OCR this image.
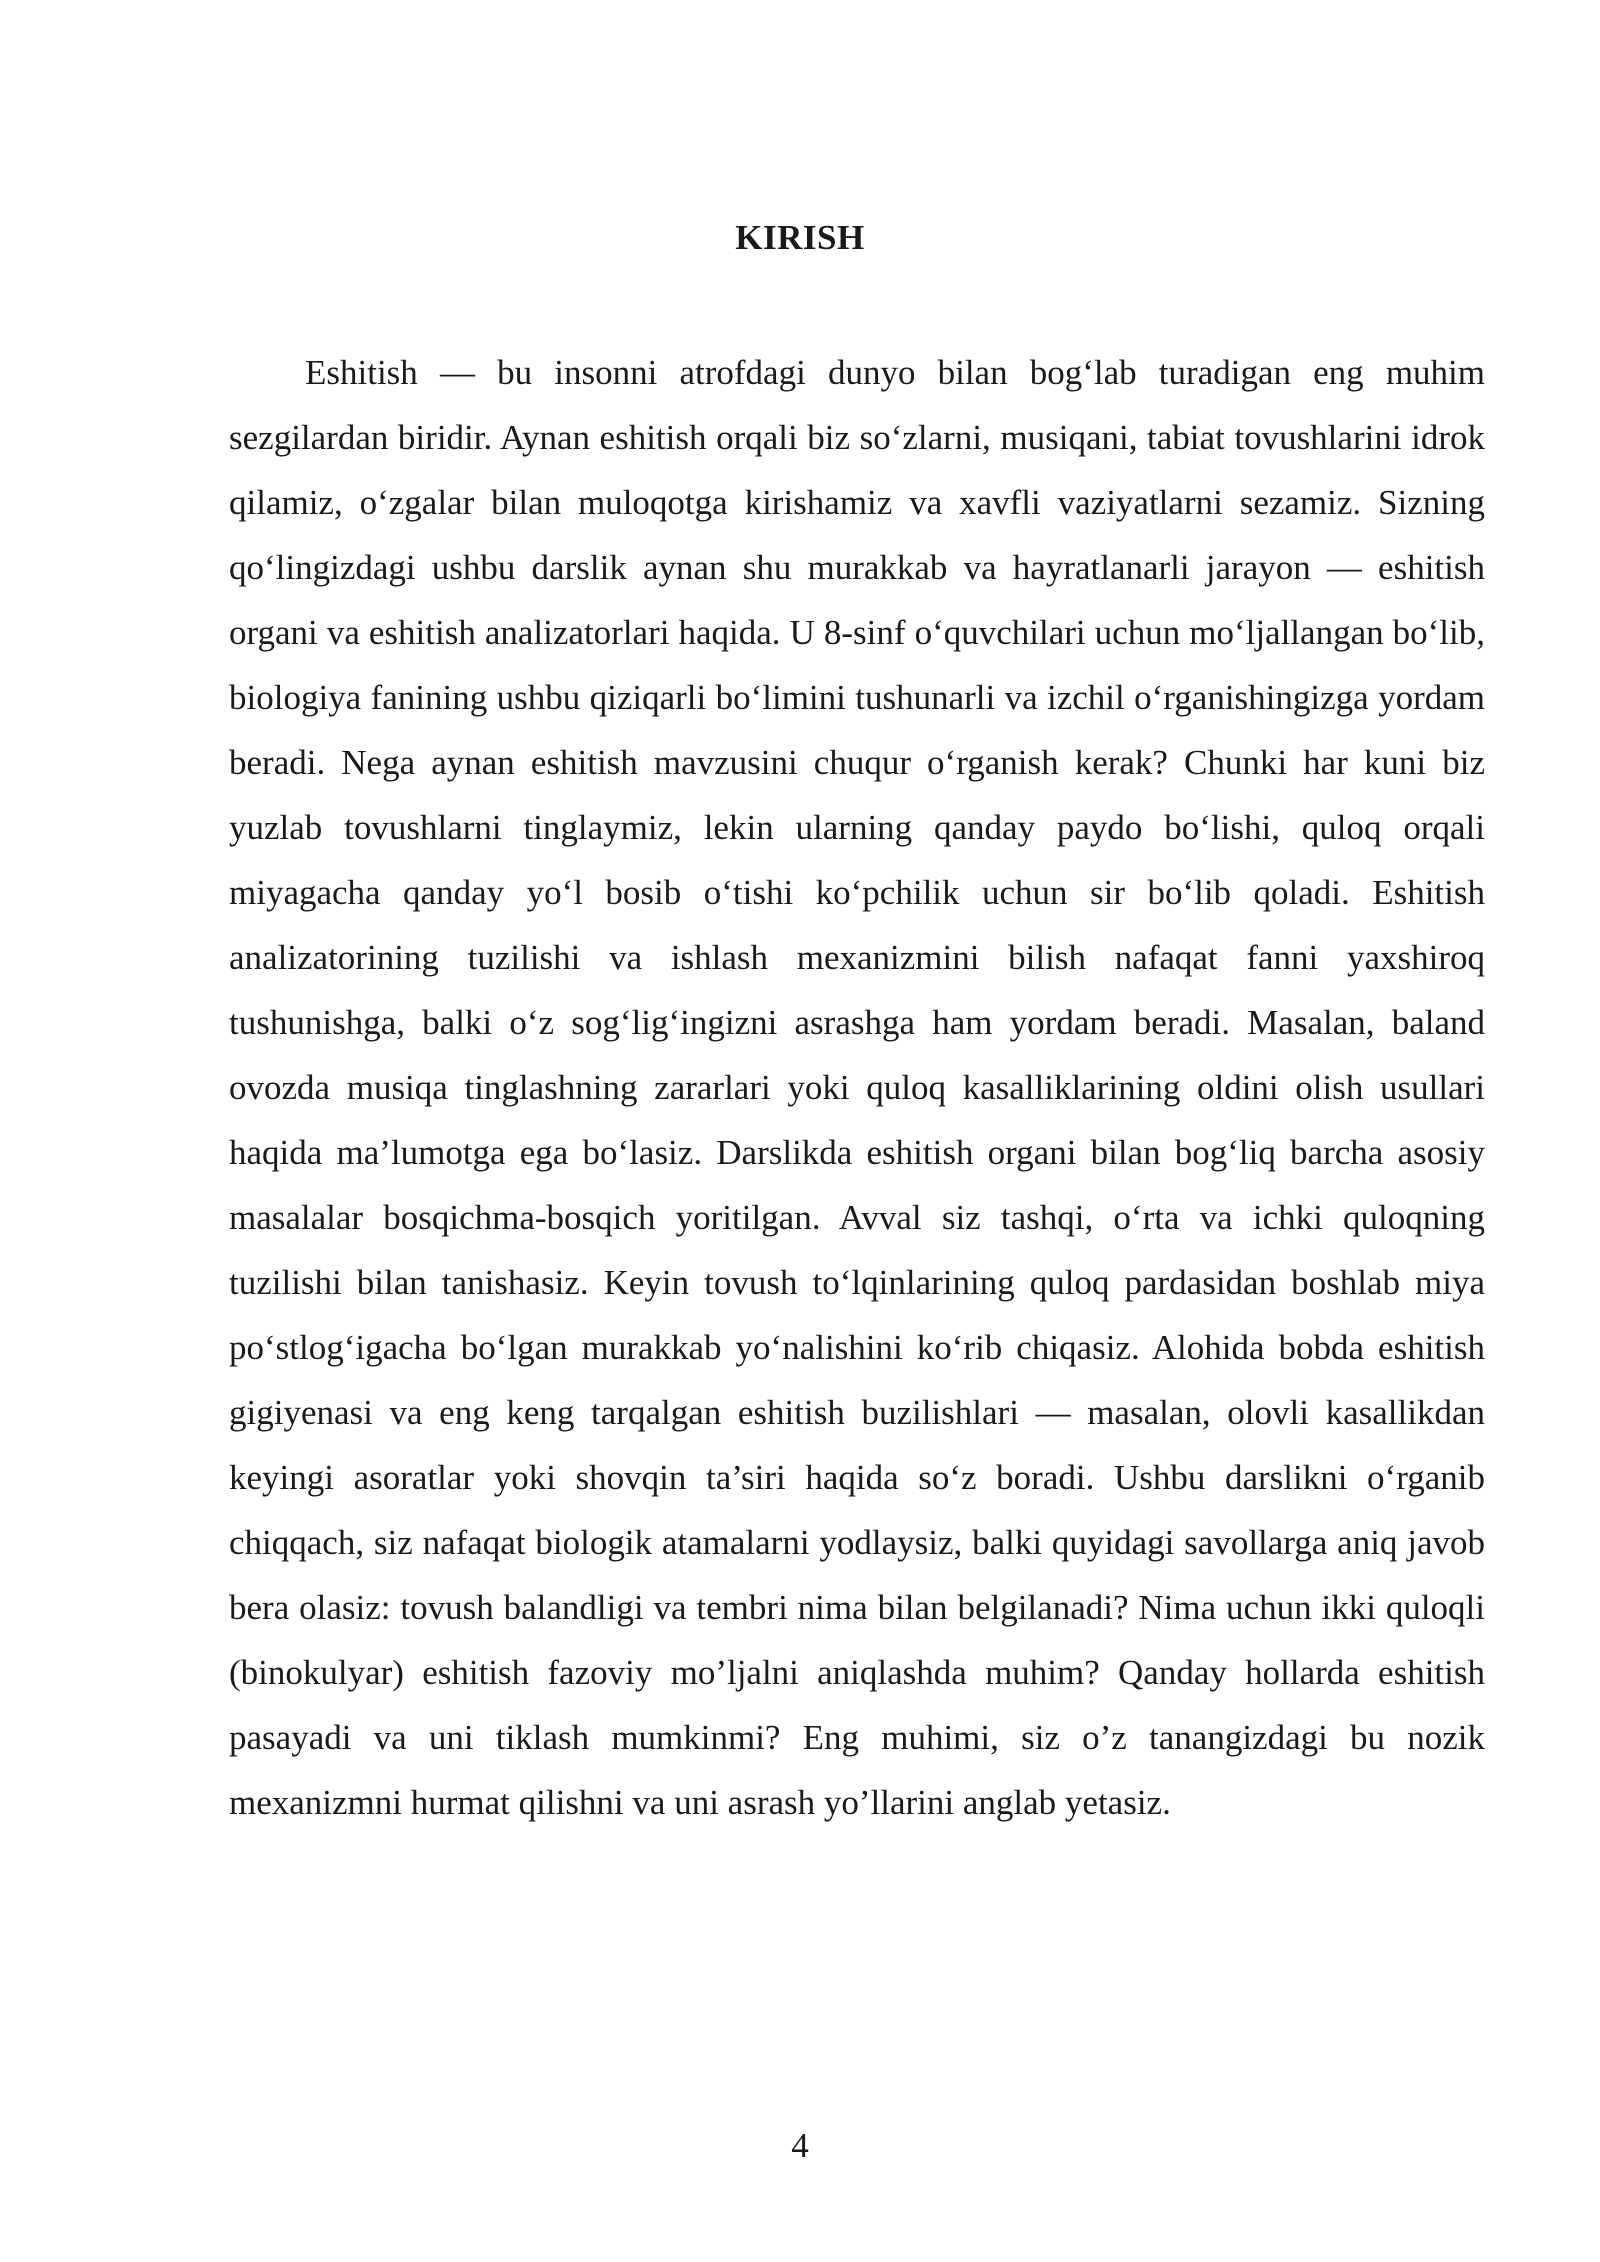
KIRISH

Eshitish — bu insonni atrofdagi dunyo bilan bog‘lab turadigan eng muhim sezgilardan biridir. Aynan eshitish orqali biz so‘zlarni, musiqani, tabiat tovushlarini idrok qilamiz, o‘zgalar bilan muloqotga kirishamiz va xavfli vaziyatlarni sezamiz. Sizning qo‘lingizdagi ushbu darslik aynan shu murakkab va hayratlanarli jarayon — eshitish organi va eshitish analizatorlari haqida. U 8-sinf o‘quvchilari uchun mo‘ljallangan bo‘lib, biologiya fanining ushbu qiziqarli bo‘limini tushunarli va izchil o‘rganishingizga yordam beradi. Nega aynan eshitish mavzusini chuqur o‘rganish kerak? Chunki har kuni biz yuzlab tovushlarni tinglaymiz, lekin ularning qanday paydo bo‘lishi, quloq orqali miyagacha qanday yo‘l bosib o‘tishi ko‘pchilik uchun sir bo‘lib qoladi. Eshitish analizatorining tuzilishi va ishlash mexanizmini bilish nafaqat fanni yaxshiroq tushunishga, balki o‘z sog‘lig‘ingizni asrashga ham yordam beradi. Masalan, baland ovozda musiqa tinglashning zararlari yoki quloq kasalliklarining oldini olish usullari haqida ma’lumotga ega bo‘lasiz. Darslikda eshitish organi bilan bog‘liq barcha asosiy masalalar bosqichma-bosqich yoritilgan. Avval siz tashqi, o‘rta va ichki quloqning tuzilishi bilan tanishasiz. Keyin tovush to‘lqinlarining quloq pardasidan boshlab miya po‘stlog‘igacha bo‘lgan murakkab yo‘nalishini ko‘rib chiqasiz. Alohida bobda eshitish gigiyenasi va eng keng tarqalgan eshitish buzilishlari — masalan, olovli kasallikdan keyingi asoratlar yoki shovqin ta’siri haqida so‘z boradi. Ushbu darslikni o‘rganib chiqqach, siz nafaqat biologik atamalarni yodlaysiz, balki quyidagi savollarga aniq javob bera olasiz: tovush balandligi va tembri nima bilan belgilanadi? Nima uchun ikki quloqli (binokulyar) eshitish fazoviy mo’ljalni aniqlashda muhim? Qanday hollarda eshitish pasayadi va uni tiklash mumkinmi? Eng muhimi, siz o’z tanangizdagi bu nozik mexanizmni hurmat qilishni va uni asrash yo’llarini anglab yetasiz.

4
